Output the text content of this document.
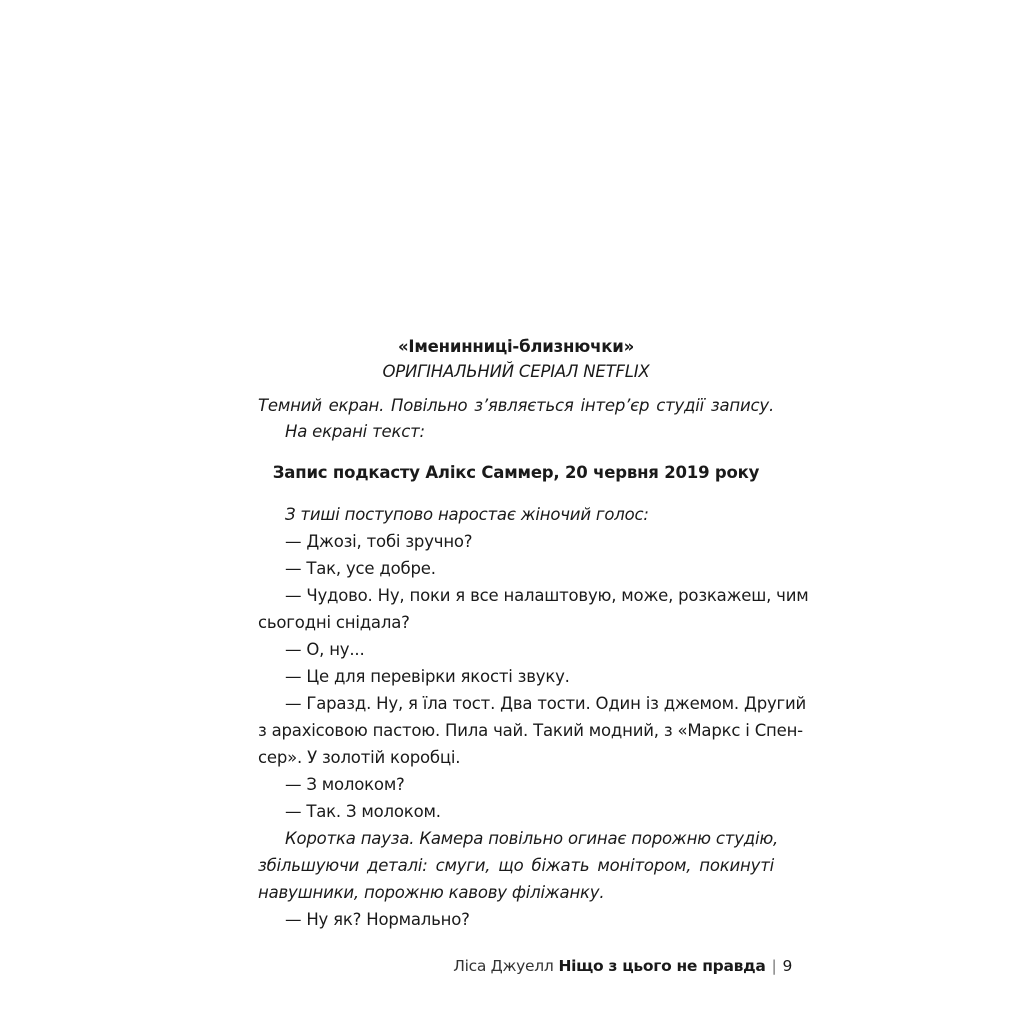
«Іменинниці-близнючки»
ОРИГІНАЛЬНИЙ СЕРІАЛ NETFLIX
Темний екран. Повільно з’являється інтер’єр студії запису.
На екрані текст:
Запис подкасту Алікс Саммер, 20 червня 2019 року
З тиші поступово наростає жіночий голос:
— Джозі, тобі зручно?
— Так, усе добре.
— Чудово. Ну, поки я все налаштовую, може, розкажеш, чим
сьогодні снідала?
— О, ну...
— Це для перевірки якості звуку.
— Гаразд. Ну, я їла тост. Два тости. Один із джемом. Другий
з арахісовою пастою. Пила чай. Такий модний, з «Маркс і Спен-
сер». У золотій коробці.
— З молоком?
— Так. З молоком.
Коротка пауза. Камера повільно огинає порожню студію,
збільшуючи деталі: смуги, що біжать монітором, покинуті
навушники, порожню кавову філіжанку.
— Ну як? Нормально?
Ліса Джуелл Ніщо з цього не правда | 9
